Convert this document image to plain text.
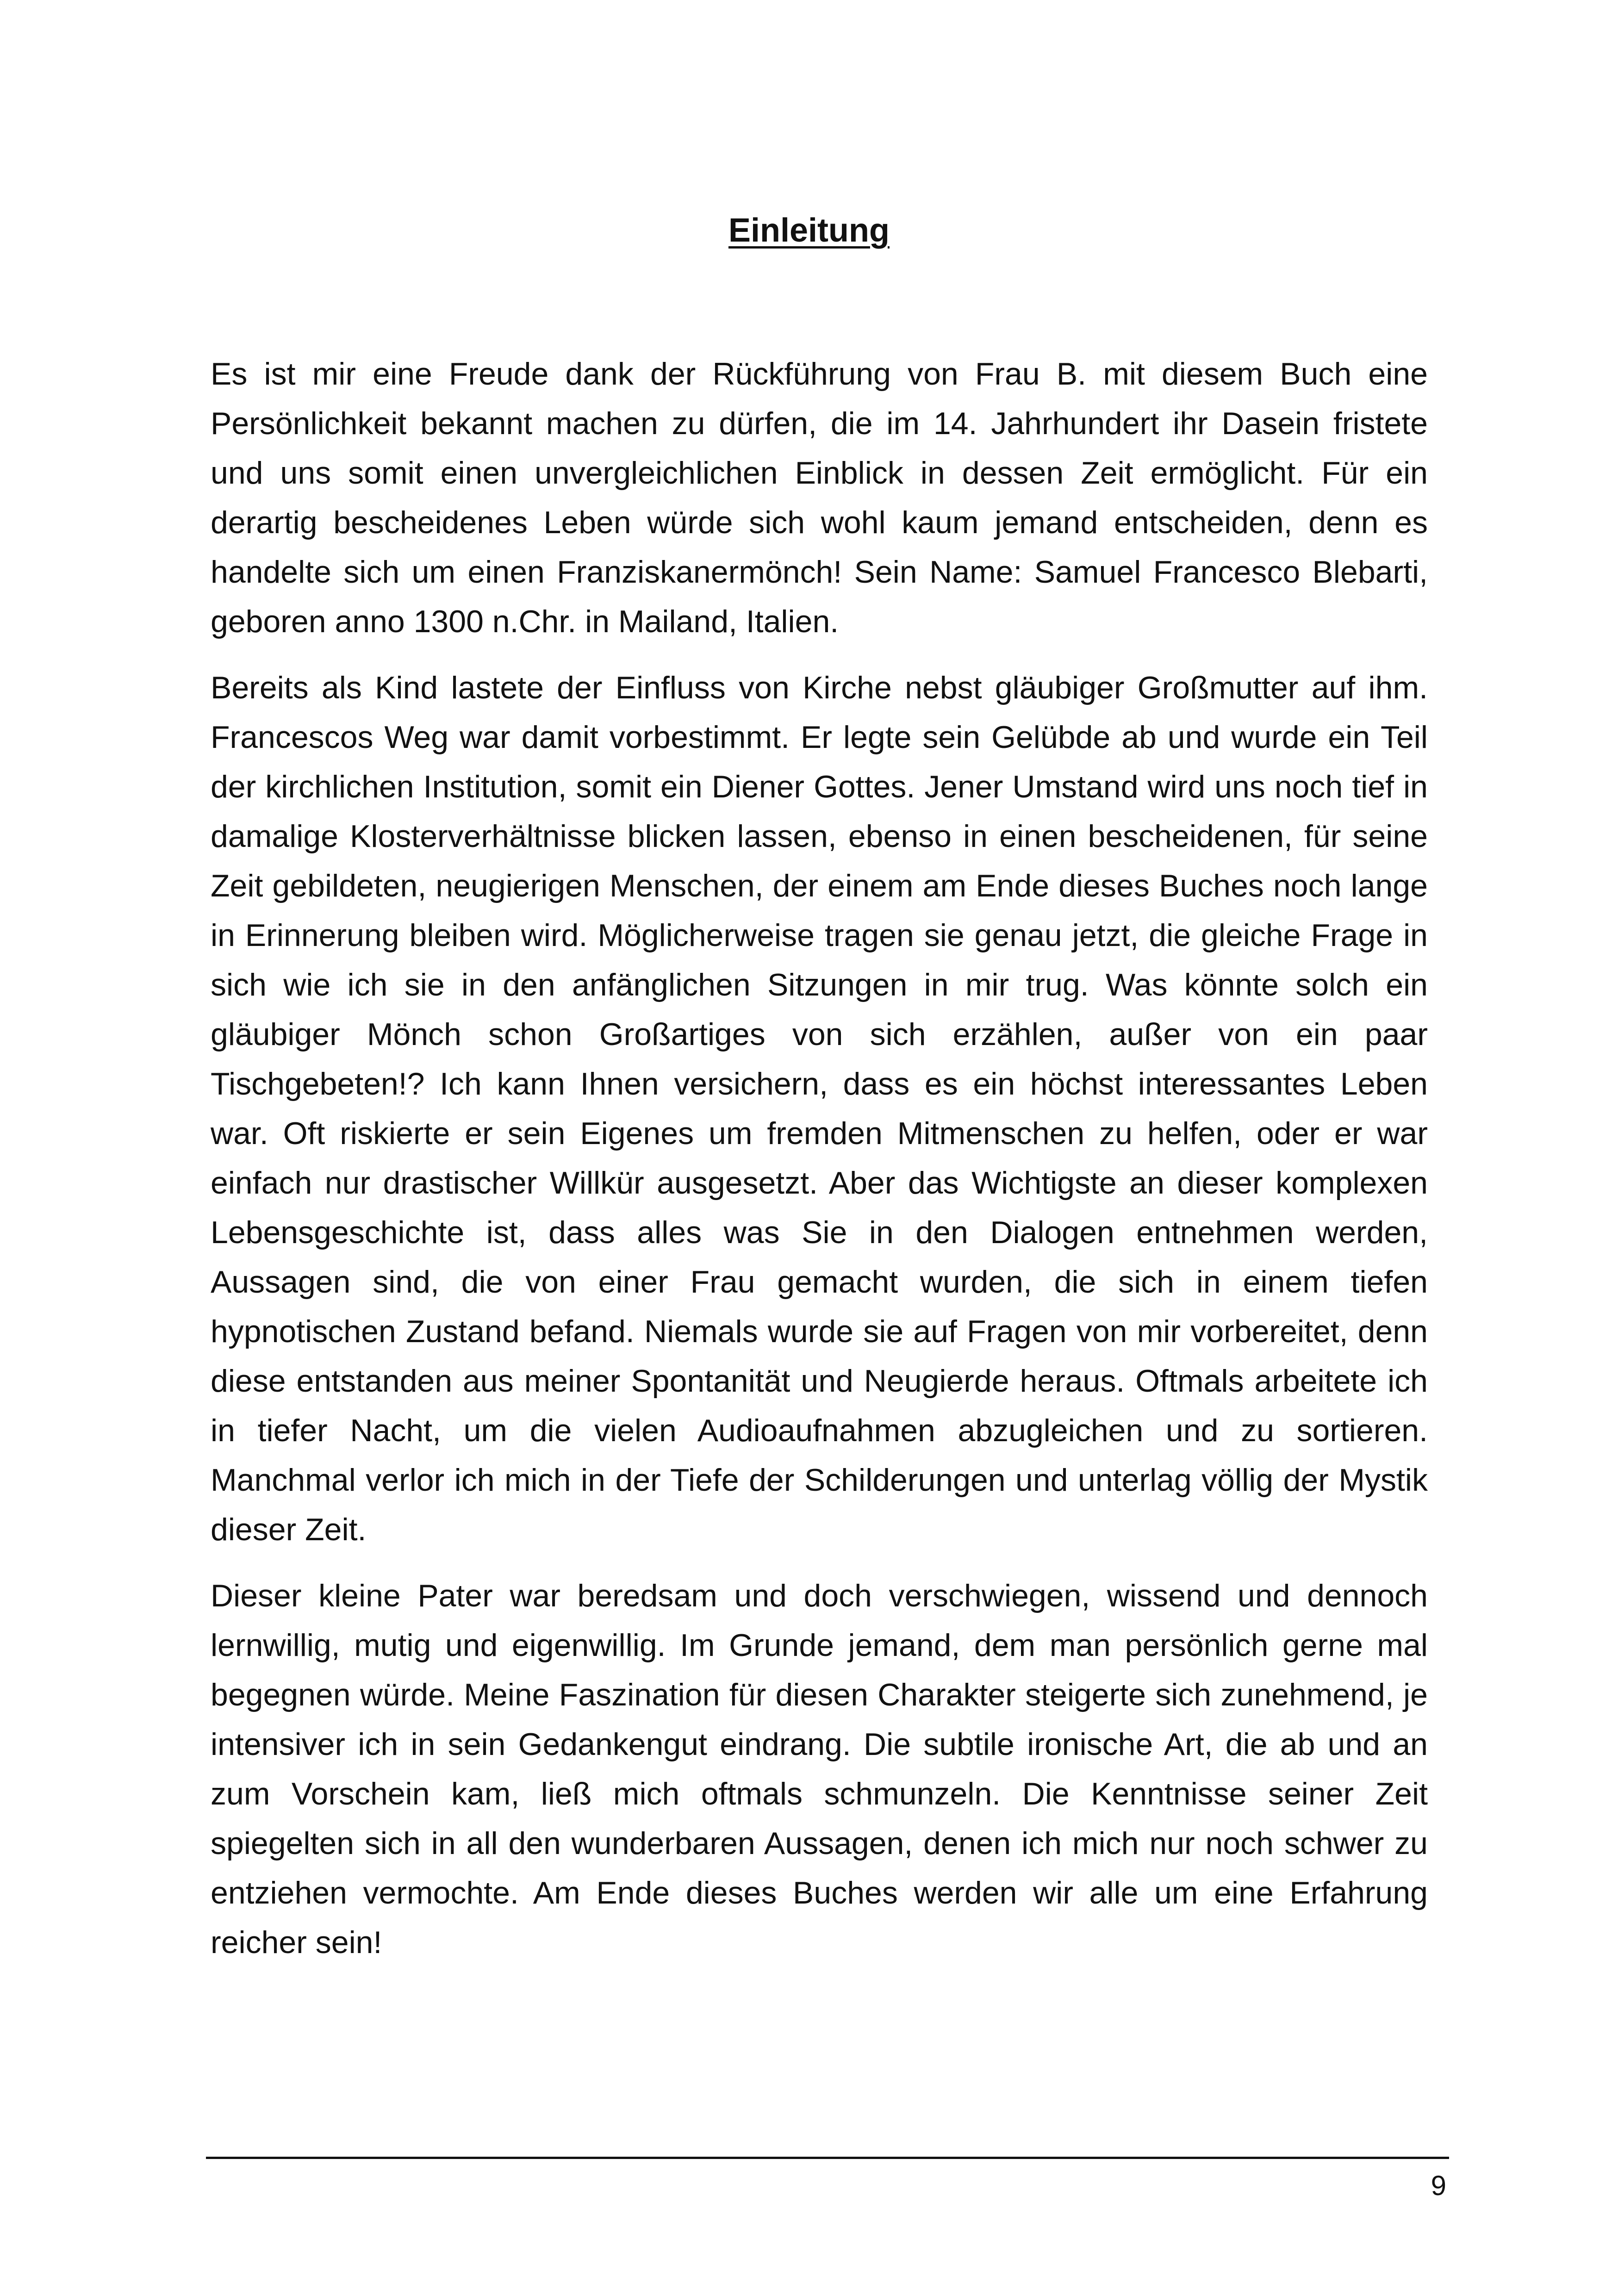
Einleitung

Es ist mir eine Freude dank der Rückführung von Frau B. mit diesem Buch eine Persönlichkeit bekannt machen zu dürfen, die im 14. Jahrhundert ihr Dasein fristete und uns somit einen unvergleichlichen Einblick in dessen Zeit ermöglicht. Für ein derartig bescheidenes Leben würde sich wohl kaum jemand entscheiden, denn es handelte sich um einen Franziskanermönch! Sein Name: Samuel Francesco Blebarti, geboren anno 1300 n.Chr. in Mailand, Italien.

Bereits als Kind lastete der Einfluss von Kirche nebst gläubiger Großmutter auf ihm. Francescos Weg war damit vorbestimmt. Er legte sein Gelübde ab und wurde ein Teil der kirchlichen Institution, somit ein Diener Gottes. Jener Umstand wird uns noch tief in damalige Klosterverhältnisse blicken lassen, ebenso in einen bescheidenen, für seine Zeit gebildeten, neugierigen Menschen, der einem am Ende dieses Buches noch lange in Erinnerung bleiben wird. Möglicherweise tragen sie genau jetzt, die gleiche Frage in sich wie ich sie in den anfänglichen Sitzungen in mir trug. Was könnte solch ein gläubiger Mönch schon Großartiges von sich erzählen, außer von ein paar Tischgebeten!? Ich kann Ihnen versichern, dass es ein höchst interessantes Leben war. Oft riskierte er sein Eigenes um fremden Mitmenschen zu helfen, oder er war einfach nur drastischer Willkür ausgesetzt. Aber das Wichtigste an dieser komplexen Lebensgeschichte ist, dass alles was Sie in den Dialogen entnehmen werden, Aussagen sind, die von einer Frau gemacht wurden, die sich in einem tiefen hypnotischen Zustand befand. Niemals wurde sie auf Fragen von mir vorbereitet, denn diese entstanden aus meiner Spontanität und Neugierde heraus. Oftmals arbeitete ich in tiefer Nacht, um die vielen Audioaufnahmen abzugleichen und zu sortieren. Manchmal verlor ich mich in der Tiefe der Schilderungen und unterlag völlig der Mystik dieser Zeit.

Dieser kleine Pater war beredsam und doch verschwiegen, wissend und dennoch lernwillig, mutig und eigenwillig. Im Grunde jemand, dem man persönlich gerne mal begegnen würde. Meine Faszination für diesen Charakter steigerte sich zunehmend, je intensiver ich in sein Gedankengut eindrang. Die subtile ironische Art, die ab und an zum Vorschein kam, ließ mich oftmals schmunzeln. Die Kenntnisse seiner Zeit spiegelten sich in all den wunderbaren Aussagen, denen ich mich nur noch schwer zu entziehen vermochte. Am Ende dieses Buches werden wir alle um eine Erfahrung reicher sein!

9
